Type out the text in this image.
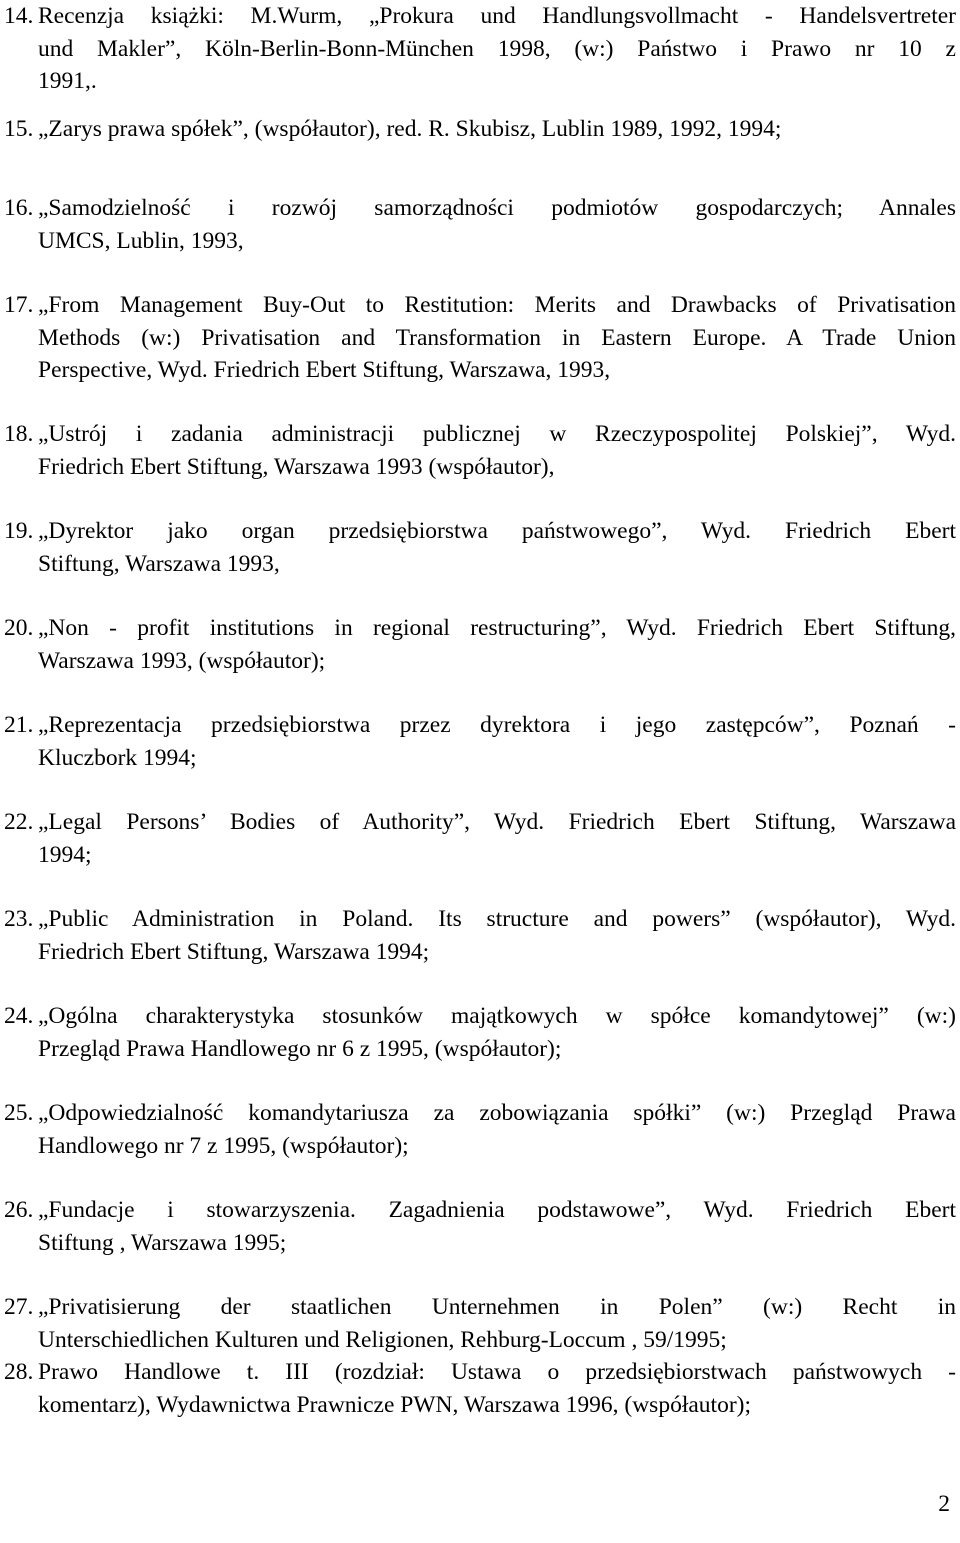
14. Recenzja książki: M.Wurm, „Prokura und Handlungsvollmacht - Handelsvertreter
und Makler”, Köln-Berlin-Bonn-München 1998, (w:) Państwo i Prawo nr 10 z
1991,.
15. „Zarys prawa spółek”, (współautor), red. R. Skubisz, Lublin 1989, 1992, 1994;
16. „Samodzielność i rozwój samorządności podmiotów gospodarczych; Annales
UMCS, Lublin, 1993,
17. „From Management Buy-Out to Restitution: Merits and Drawbacks of Privatisation
Methods (w:) Privatisation and Transformation in Eastern Europe. A Trade Union
Perspective, Wyd. Friedrich Ebert Stiftung, Warszawa, 1993,
18. „Ustrój i zadania administracji publicznej w Rzeczypospolitej Polskiej”, Wyd.
Friedrich Ebert Stiftung, Warszawa 1993 (współautor),
19. „Dyrektor jako organ przedsiębiorstwa państwowego”, Wyd. Friedrich Ebert
Stiftung, Warszawa 1993,
20. „Non - profit institutions in regional restructuring”, Wyd. Friedrich Ebert Stiftung,
Warszawa 1993, (współautor);
21. „Reprezentacja przedsiębiorstwa przez dyrektora i jego zastępców”, Poznań -
Kluczbork 1994;
22. „Legal Persons’ Bodies of Authority”, Wyd. Friedrich Ebert Stiftung, Warszawa
1994;
23. „Public Administration in Poland. Its structure and powers” (współautor), Wyd.
Friedrich Ebert Stiftung, Warszawa 1994;
24. „Ogólna charakterystyka stosunków majątkowych w spółce komandytowej” (w:)
Przegląd Prawa Handlowego nr 6 z 1995, (współautor);
25. „Odpowiedzialność komandytariusza za zobowiązania spółki” (w:) Przegląd Prawa
Handlowego nr 7 z 1995, (współautor);
26. „Fundacje i stowarzyszenia. Zagadnienia podstawowe”, Wyd. Friedrich Ebert
Stiftung , Warszawa 1995;
27. „Privatisierung der staatlichen Unternehmen in Polen” (w:) Recht in
Unterschiedlichen Kulturen und Religionen, Rehburg-Loccum , 59/1995;
28. Prawo Handlowe t. III (rozdział: Ustawa o przedsiębiorstwach państwowych -
komentarz), Wydawnictwa Prawnicze PWN, Warszawa 1996, (współautor);
2
